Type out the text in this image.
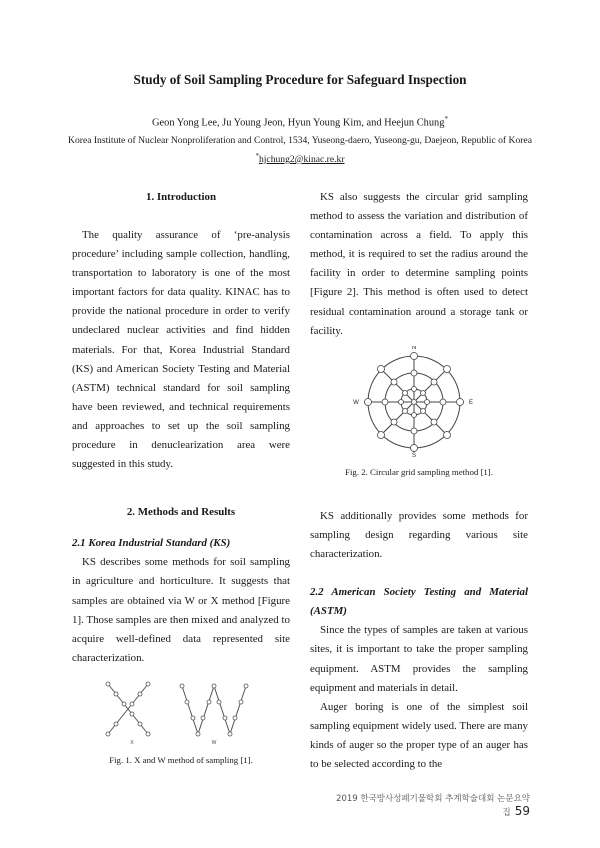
Study of Soil Sampling Procedure for Safeguard Inspection
Geon Yong Lee, Ju Young Jeon, Hyun Young Kim, and Heejun Chung*
Korea Institute of Nuclear Nonproliferation and Control, 1534, Yuseong-daero, Yuseong-gu, Daejeon, Republic of Korea
*hjchung2@kinac.re.kr
1. Introduction

The quality assurance of ‘pre-analysis procedure’ including sample collection, handling, transportation to laboratory is one of the most important factors for data quality. KINAC has to provide the national procedure in order to verify undeclared nuclear activities and find hidden materials. For that, Korea Industrial Standard (KS) and American Society Testing and Material (ASTM) technical standard for soil sampling have been reviewed, and technical requirements and approaches to set up the soil sampling procedure in denuclearization area were suggested in this study.

2. Methods and Results
2.1 Korea Industrial Standard (KS)

KS describes some methods for soil sampling in agriculture and horticulture. It suggests that samples are obtained via W or X method [Figure 1]. Those samples are then mixed and analyzed to acquire well-defined data represented site characterization.

X	W
Fig. 1. X and W method of sampling [1].

KS also suggests the circular grid sampling method to assess the variation and distribution of contamination across a field. To apply this method, it is required to set the radius around the facility in order to determine sampling points [Figure 2]. This method is often used to detect residual contamination around a storage tank or facility.

N
S
E
W
Fig. 2. Circular grid sampling method [1].

KS additionally provides some methods for sampling design regarding various site characterization.

2.2 American Society Testing and Material (ASTM)

Since the types of samples are taken at various sites, it is important to take the proper sampling equipment. ASTM provides the sampling equipment and materials in detail.

Auger boring is one of the simplest soil sampling equipment widely used. There are many kinds of auger so the proper type of an auger has to be selected according to the

2019 한국방사성폐기물학회 추계학술대회 논문요약집 59
